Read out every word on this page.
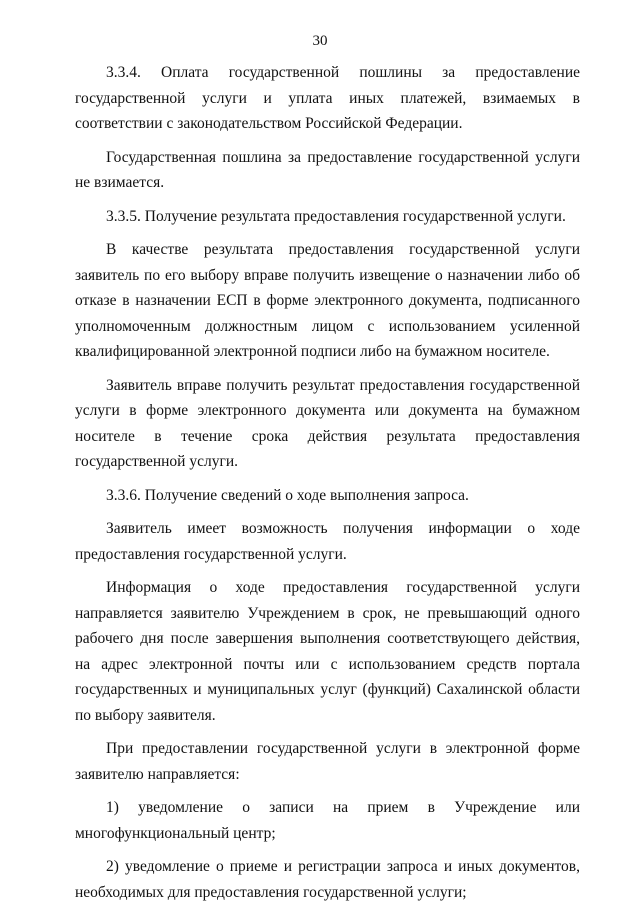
30

3.3.4. Оплата государственной пошлины за предоставление государственной услуги и уплата иных платежей, взимаемых в соответствии с законодательством Российской Федерации.

Государственная пошлина за предоставление государственной услуги не взимается.

3.3.5. Получение результата предоставления государственной услуги.

В качестве результата предоставления государственной услуги заявитель по его выбору вправе получить извещение о назначении либо об отказе в назначении ЕСП в форме электронного документа, подписанного уполномоченным должностным лицом с использованием усиленной квалифицированной электронной подписи либо на бумажном носителе.

Заявитель вправе получить результат предоставления государственной услуги в форме электронного документа или документа на бумажном носителе в течение срока действия результата предоставления государственной услуги.

3.3.6. Получение сведений о ходе выполнения запроса.

Заявитель имеет возможность получения информации о ходе предоставления государственной услуги.

Информация о ходе предоставления государственной услуги направляется заявителю Учреждением в срок, не превышающий одного рабочего дня после завершения выполнения соответствующего действия, на адрес электронной почты или с использованием средств портала государственных и муниципальных услуг (функций) Сахалинской области по выбору заявителя.

При предоставлении государственной услуги в электронной форме заявителю направляется:

1) уведомление о записи на прием в Учреждение или многофункциональный центр;

2) уведомление о приеме и регистрации запроса и иных документов, необходимых для предоставления государственной услуги;
